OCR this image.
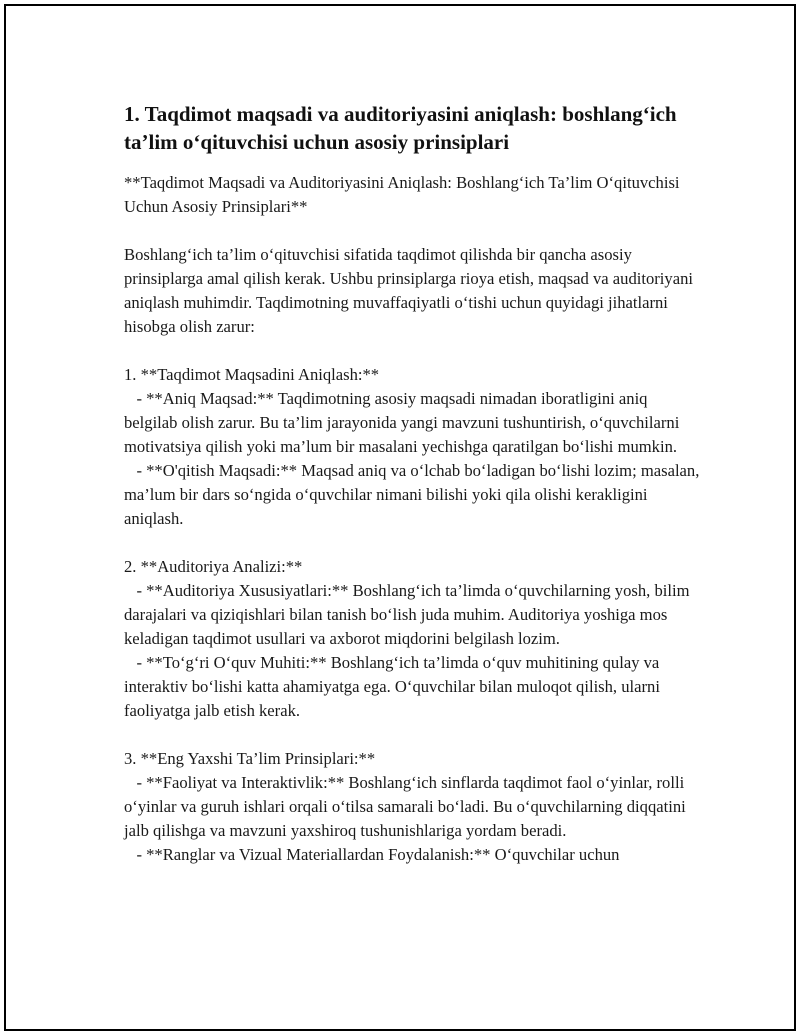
1. Taqdimot maqsadi va auditoriyasini aniqlash: boshlang‘ich ta’lim o‘qituvchisi uchun asosiy prinsiplari

**Taqdimot Maqsadi va Auditoriyasini Aniqlash: Boshlang‘ich Ta’lim O‘qituvchisi Uchun Asosiy Prinsiplari**

Boshlang‘ich ta’lim o‘qituvchisi sifatida taqdimot qilishda bir qancha asosiy prinsiplarga amal qilish kerak. Ushbu prinsiplarga rioya etish, maqsad va auditoriyani aniqlash muhimdir. Taqdimotning muvaffaqiyatli o‘tishi uchun quyidagi jihatlarni hisobga olish zarur:

1. **Taqdimot Maqsadini Aniqlash:**

- **Aniq Maqsad:** Taqdimotning asosiy maqsadi nimadan iboratligini aniq belgilab olish zarur. Bu ta’lim jarayonida yangi mavzuni tushuntirish, o‘quvchilarni motivatsiya qilish yoki ma’lum bir masalani yechishga qaratilgan bo‘lishi mumkin.

- **O'qitish Maqsadi:** Maqsad aniq va o‘lchab bo‘ladigan bo‘lishi lozim; masalan, ma’lum bir dars so‘ngida o‘quvchilar nimani bilishi yoki qila olishi kerakligini aniqlash.

2. **Auditoriya Analizi:**

- **Auditoriya Xususiyatlari:** Boshlang‘ich ta’limda o‘quvchilarning yosh, bilim darajalari va qiziqishlari bilan tanish bo‘lish juda muhim. Auditoriya yoshiga mos keladigan taqdimot usullari va axborot miqdorini belgilash lozim.

- **To‘g‘ri O‘quv Muhiti:** Boshlang‘ich ta’limda o‘quv muhitining qulay va interaktiv bo‘lishi katta ahamiyatga ega. O‘quvchilar bilan muloqot qilish, ularni faoliyatga jalb etish kerak.

3. **Eng Yaxshi Ta’lim Prinsiplari:**

- **Faoliyat va Interaktivlik:** Boshlang‘ich sinflarda taqdimot faol o‘yinlar, rolli o‘yinlar va guruh ishlari orqali o‘tilsa samarali bo‘ladi. Bu o‘quvchilarning diqqatini jalb qilishga va mavzuni yaxshiroq tushunishlariga yordam beradi.

- **Ranglar va Vizual Materiallardan Foydalanish:** O‘quvchilar uchun
